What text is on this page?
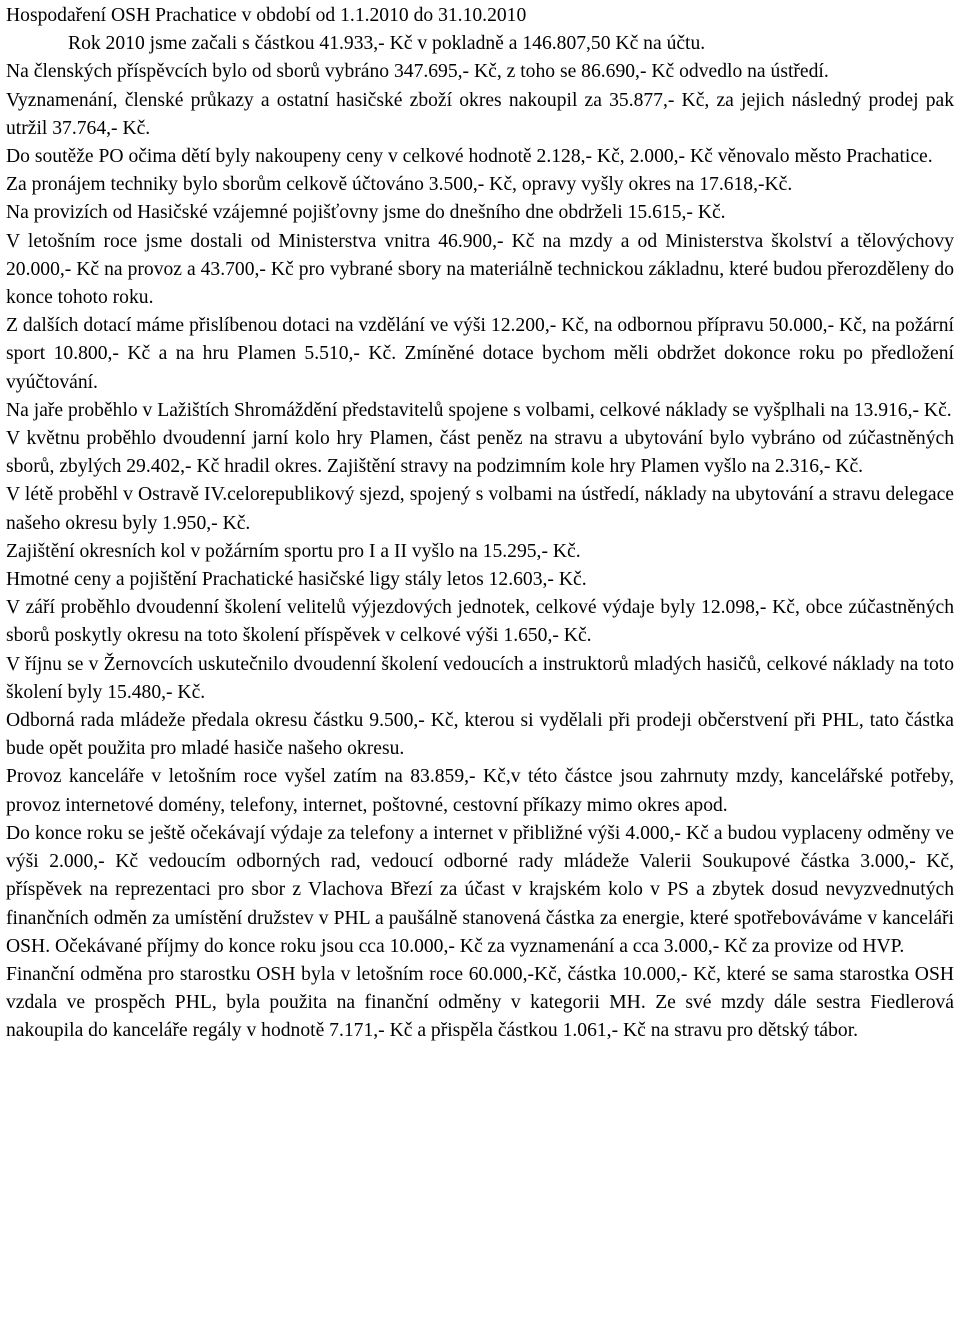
Hospodaření OSH Prachatice v období od 1.1.2010 do 31.10.2010
Rok 2010 jsme začali s částkou 41.933,- Kč v pokladně a 146.807,50 Kč na účtu.
Na členských příspěvcích bylo od sborů vybráno 347.695,- Kč, z toho se 86.690,- Kč odvedlo na ústředí.
Vyznamenání, členské průkazy a ostatní hasičské zboží okres nakoupil za 35.877,- Kč, za jejich následný prodej pak utržil 37.764,- Kč.
Do soutěže PO očima dětí byly nakoupeny ceny v celkové hodnotě 2.128,- Kč, 2.000,- Kč věnovalo město Prachatice.
Za pronájem techniky bylo sborům celkově účtováno 3.500,- Kč, opravy vyšly okres na 17.618,-Kč.
Na provizích od Hasičské vzájemné pojišťovny jsme do dnešního dne obdrželi 15.615,- Kč.
V letošním roce jsme dostali od Ministerstva vnitra 46.900,- Kč na mzdy a od Ministerstva školství a tělovýchovy 20.000,- Kč na provoz a 43.700,- Kč pro vybrané sbory na materiálně technickou základnu, které budou přerozděleny do konce tohoto roku.
Z dalších dotací máme přislíbenou dotaci na vzdělání ve výši 12.200,- Kč, na odbornou přípravu 50.000,- Kč, na požární sport 10.800,- Kč a na hru Plamen 5.510,- Kč. Zmíněné dotace bychom měli obdržet dokonce roku po předložení vyúčtování.
Na jaře proběhlo v Lažištích Shromáždění představitelů spojene s volbami, celkové náklady se vyšplhali na 13.916,- Kč.
V květnu proběhlo dvoudenní jarní kolo hry Plamen, část peněz na stravu a ubytování bylo vybráno od zúčastněných sborů, zbylých 29.402,- Kč hradil okres. Zajištění stravy na podzimním kole hry Plamen vyšlo na 2.316,- Kč.
V létě proběhl v Ostravě IV.celorepublikový sjezd, spojený s volbami na ústředí, náklady na ubytování a stravu delegace našeho okresu byly 1.950,- Kč.
Zajištění okresních kol v požárním sportu pro I a II vyšlo na 15.295,- Kč.
Hmotné ceny a pojištění Prachatické hasičské ligy stály letos 12.603,- Kč.
V září proběhlo dvoudenní školení velitelů výjezdových jednotek, celkové výdaje byly 12.098,- Kč, obce zúčastněných sborů poskytly okresu na toto školení příspěvek v celkové výši 1.650,- Kč.
V říjnu se v Žernovcích uskutečnilo dvoudenní školení vedoucích a instruktorů mladých hasičů, celkové náklady na toto školení byly 15.480,- Kč.
Odborná rada mládeže předala okresu částku 9.500,- Kč, kterou si vydělali při prodeji občerstvení při PHL, tato částka bude opět použita pro mladé hasiče našeho okresu.
Provoz kanceláře v letošním roce vyšel zatím na 83.859,- Kč,v této částce jsou zahrnuty mzdy, kancelářské potřeby, provoz internetové domény, telefony, internet, poštovné, cestovní příkazy mimo okres apod.
Do konce roku se ještě očekávají výdaje za telefony a internet v přibližné výši 4.000,- Kč a budou vyplaceny odměny ve výši 2.000,- Kč vedoucím odborných rad, vedoucí odborné rady mládeže Valerii Soukupové částka 3.000,- Kč, příspěvek na reprezentaci pro sbor z Vlachova Březí za účast v krajském kolo v PS a zbytek dosud nevyzvednutých finančních odměn za umístění družstev v PHL a paušálně stanovená částka za energie, které spotřebováváme v kanceláři OSH. Očekávané příjmy do konce roku jsou cca 10.000,- Kč za vyznamenání a cca 3.000,- Kč za provize od HVP.
Finanční odměna pro starostku OSH byla v letošním roce 60.000,-Kč, částka 10.000,- Kč, které se sama starostka OSH vzdala ve prospěch PHL, byla použita na finanční odměny v kategorii MH. Ze své mzdy dále sestra Fiedlerová nakoupila do kanceláře regály v hodnotě 7.171,- Kč a přispěla částkou 1.061,- Kč na stravu pro dětský tábor.
